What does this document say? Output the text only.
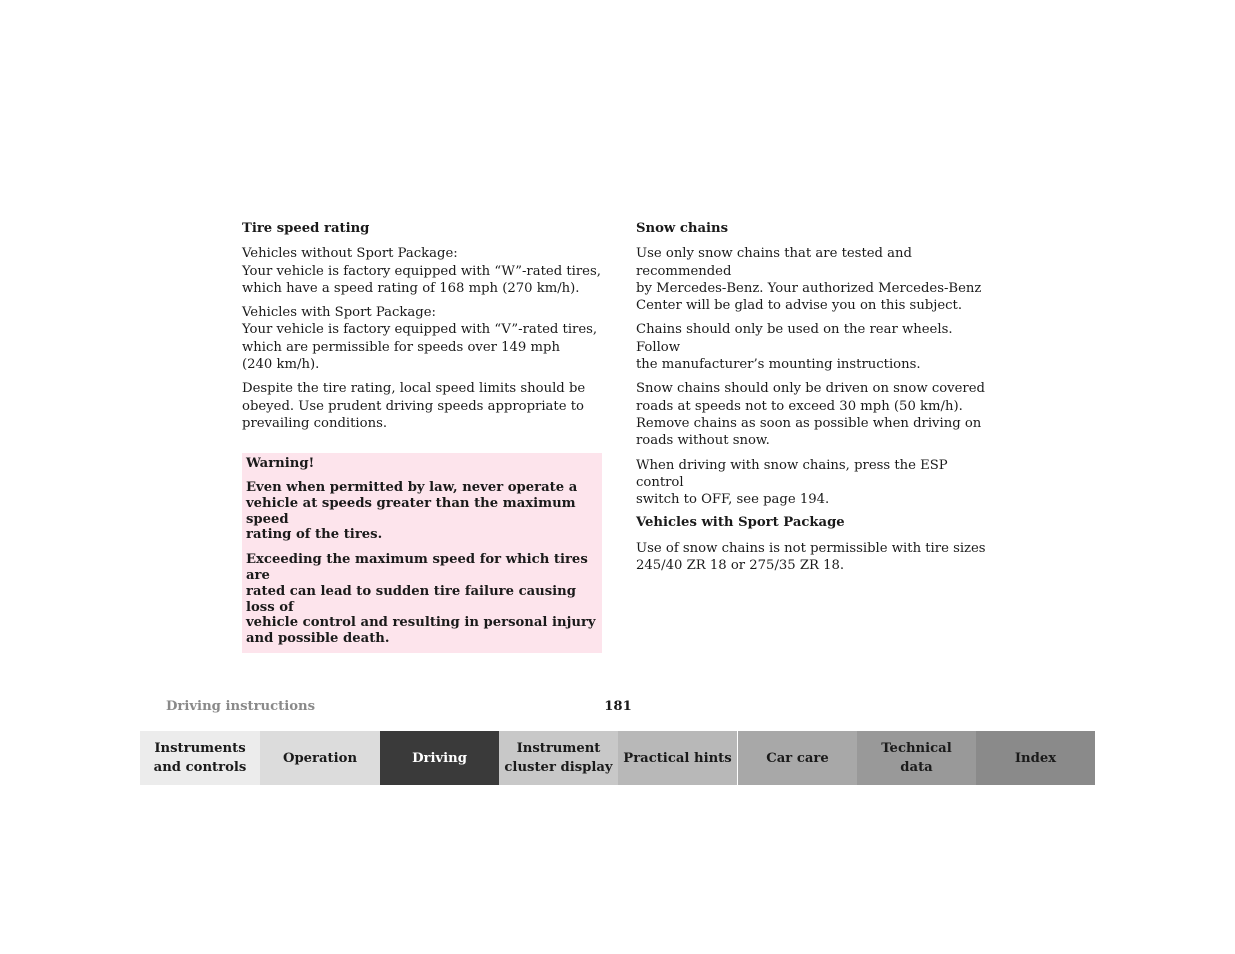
Tire speed rating

Vehicles without Sport Package:
Your vehicle is factory equipped with “W”-rated tires,
which have a speed rating of 168 mph (270 km/h).

Vehicles with Sport Package:
Your vehicle is factory equipped with “V”-rated tires,
which are permissible for speeds over 149 mph
(240 km/h).

Despite the tire rating, local speed limits should be
obeyed. Use prudent driving speeds appropriate to
prevailing conditions.

Warning!

Even when permitted by law, never operate a
vehicle at speeds greater than the maximum speed
rating of the tires.

Exceeding the maximum speed for which tires are
rated can lead to sudden tire failure causing loss of
vehicle control and resulting in personal injury
and possible death.

Snow chains

Use only snow chains that are tested and recommended
by Mercedes-Benz. Your authorized Mercedes-Benz
Center will be glad to advise you on this subject.

Chains should only be used on the rear wheels. Follow
the manufacturer’s mounting instructions.

Snow chains should only be driven on snow covered
roads at speeds not to exceed 30 mph (50 km/h).
Remove chains as soon as possible when driving on
roads without snow.

When driving with snow chains, press the ESP control
switch to OFF, see page 194.

Vehicles with Sport Package

Use of snow chains is not permissible with tire sizes
245/40 ZR 18 or 275/35 ZR 18.

Driving instructions	181
Instruments
and controls
Operation	Driving
Instrument
cluster display
Practical hints	Car care
Technical
data
Index
